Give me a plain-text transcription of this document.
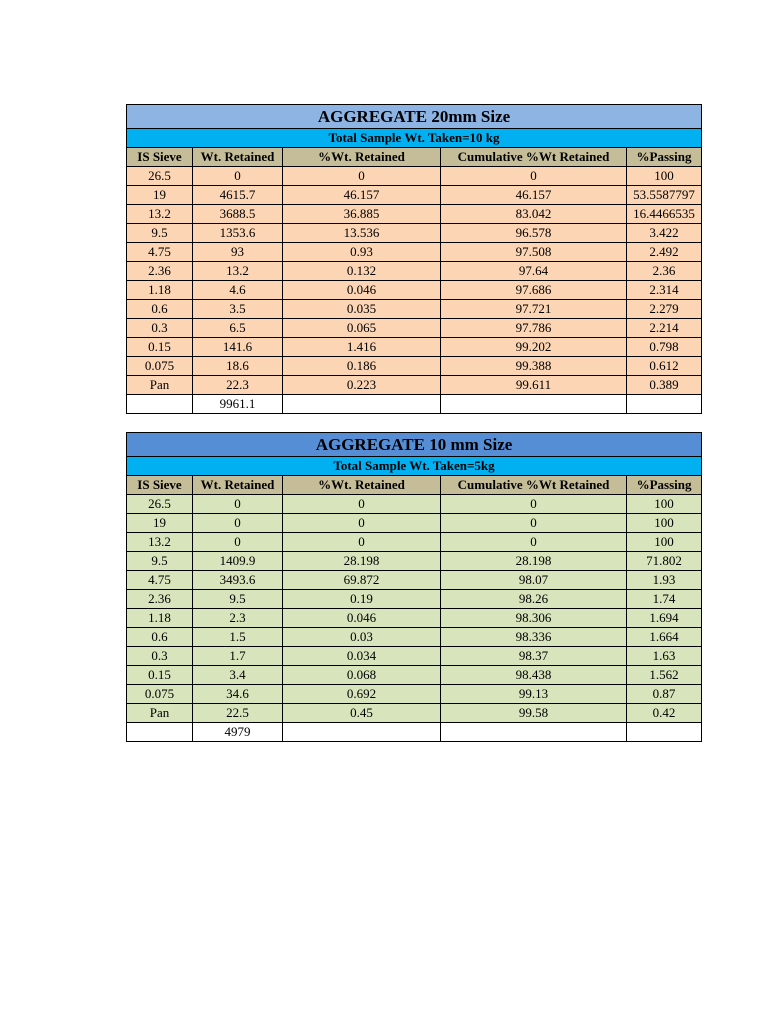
AGGREGATE 20mm Size				
Total Sample Wt. Taken=10 kg				
IS Sieve	Wt. Retained	%Wt. Retained	Cumulative %Wt Retained	%Passing
26.5	0	0	0	100
19	4615.7	46.157	46.157	53.5587797
13.2	3688.5	36.885	83.042	16.4466535
9.5	1353.6	13.536	96.578	3.422
4.75	93	0.93	97.508	2.492
2.36	13.2	0.132	97.64	2.36
1.18	4.6	0.046	97.686	2.314
0.6	3.5	0.035	97.721	2.279
0.3	6.5	0.065	97.786	2.214
0.15	141.6	1.416	99.202	0.798
0.075	18.6	0.186	99.388	0.612
Pan	22.3	0.223	99.611	0.389
	9961.1			
AGGREGATE 10 mm Size				
Total Sample Wt. Taken=5kg				
IS Sieve	Wt. Retained	%Wt. Retained	Cumulative %Wt Retained	%Passing
26.5	0	0	0	100
19	0	0	0	100
13.2	0	0	0	100
9.5	1409.9	28.198	28.198	71.802
4.75	3493.6	69.872	98.07	1.93
2.36	9.5	0.19	98.26	1.74
1.18	2.3	0.046	98.306	1.694
0.6	1.5	0.03	98.336	1.664
0.3	1.7	0.034	98.37	1.63
0.15	3.4	0.068	98.438	1.562
0.075	34.6	0.692	99.13	0.87
Pan	22.5	0.45	99.58	0.42
	4979			
